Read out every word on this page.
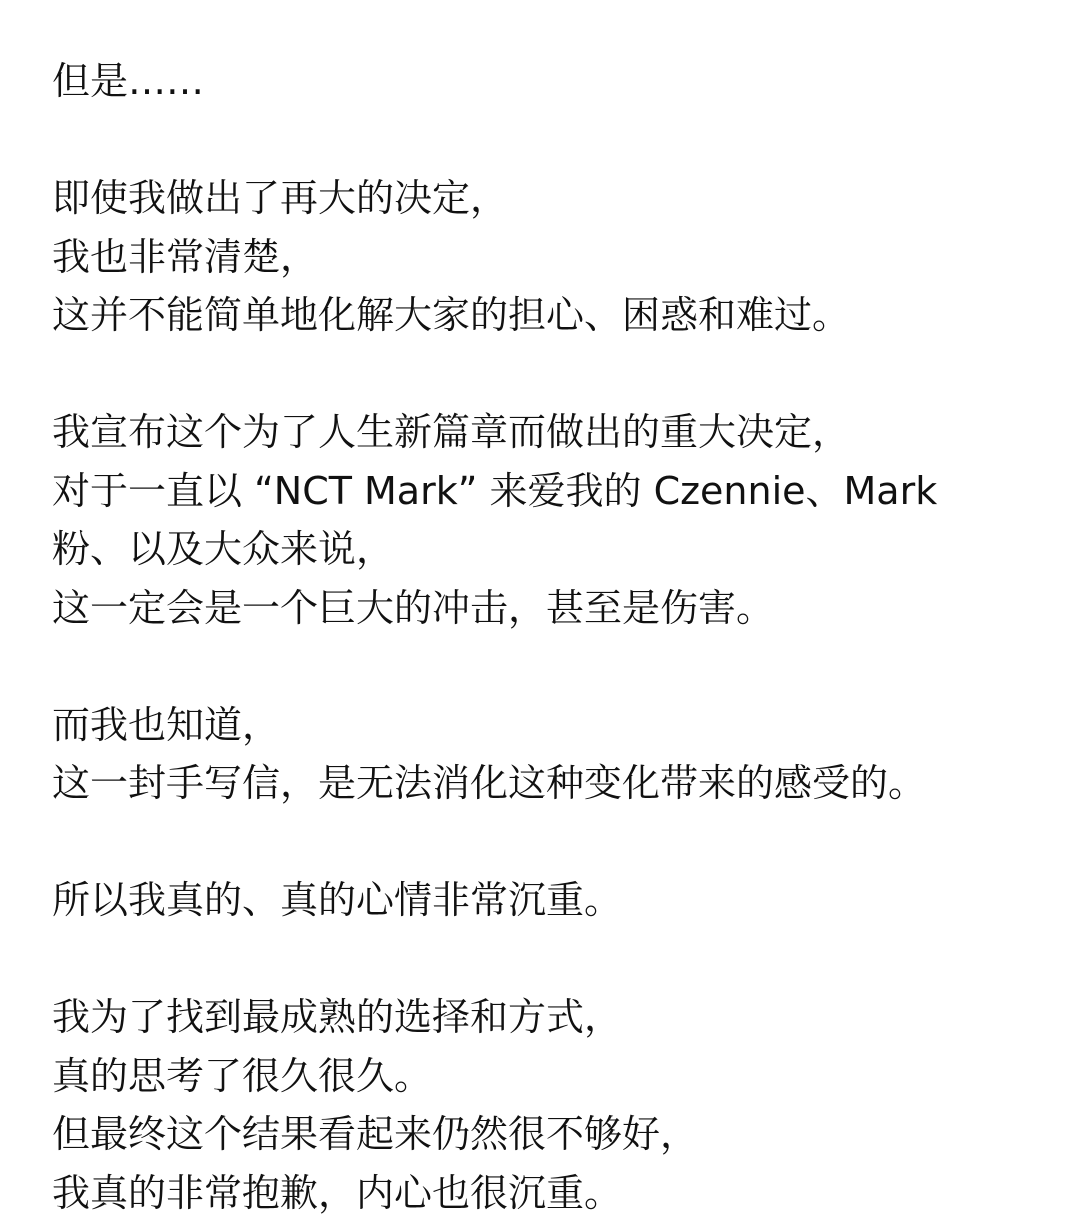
但是……
即使我做出了再大的决定，
我也非常清楚，
这并不能简单地化解大家的担心、困惑和难过。
我宣布这个为了人生新篇章而做出的重大决定，
对于一直以 “NCT Mark” 来爱我的 Czennie、Mark
粉、以及大众来说，
这一定会是一个巨大的冲击，甚至是伤害。
而我也知道，
这一封手写信，是无法消化这种变化带来的感受的。
所以我真的、真的心情非常沉重。
我为了找到最成熟的选择和方式，
真的思考了很久很久。
但最终这个结果看起来仍然很不够好，
我真的非常抱歉，内心也很沉重。
